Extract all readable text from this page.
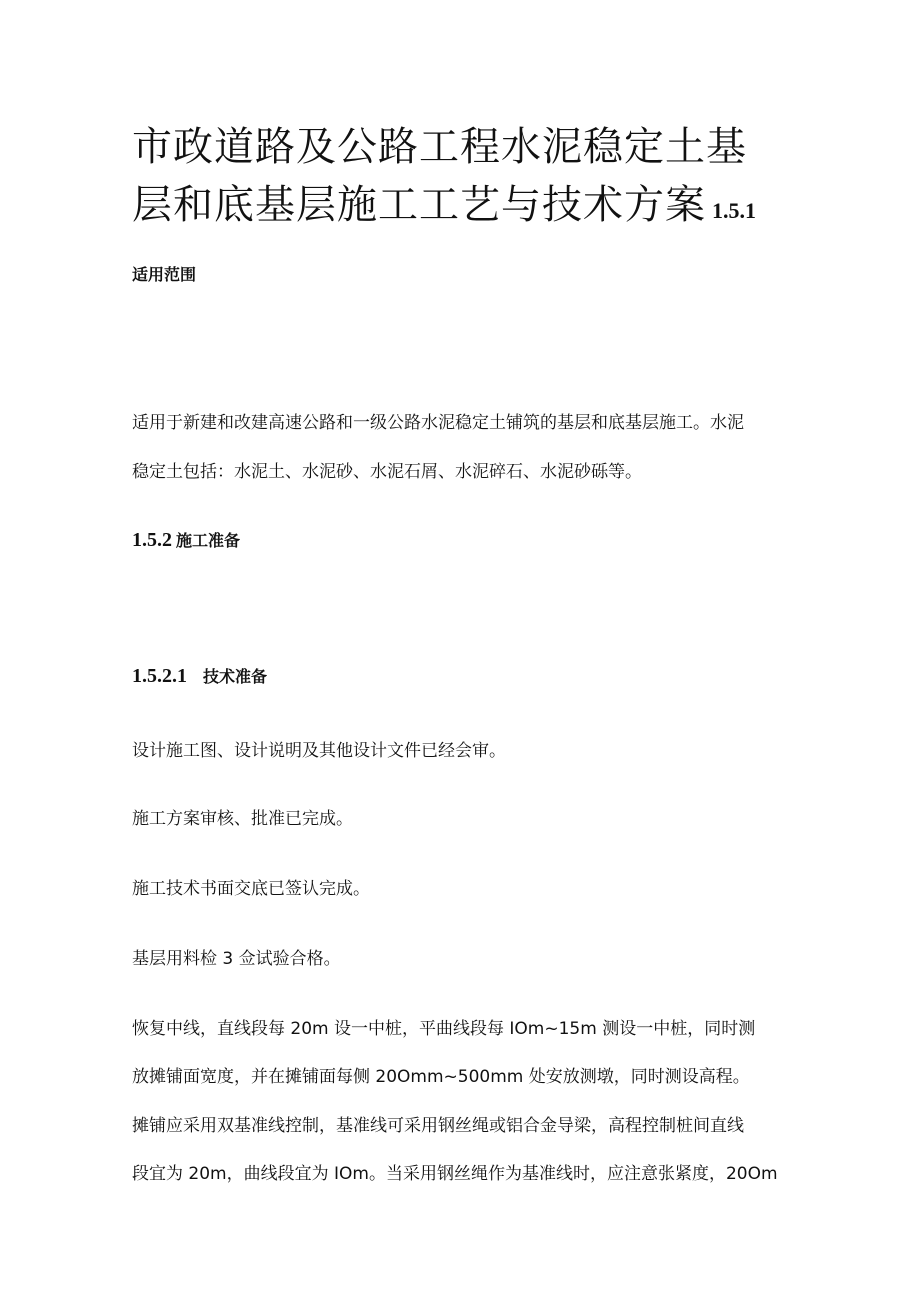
市政道路及公路工程水泥稳定土基
层和底基层施工工艺与技术方案 1.5.1

适用范围

适用于新建和改建高速公路和一级公路水泥稳定土铺筑的基层和底基层施工。水泥

稳定土包括：水泥土、水泥砂、水泥石屑、水泥碎石、水泥砂砾等。

1.5.2 施工准备

1.5.2.1 技术准备

设计施工图、设计说明及其他设计文件已经会审。

施工方案审核、批准已完成。

施工技术书面交底已签认完成。

基层用料检 3 佥试验合格。

恢复中线，直线段每 20m 设一中桩，平曲线段每 IOm~15m 测设一中桩，同时测

放摊铺面宽度，并在摊铺面每侧 20Omm~500mm 处安放测墩，同时测设高程。

摊铺应采用双基准线控制，基准线可采用钢丝绳或铝合金导梁，高程控制桩间直线

段宜为 20m，曲线段宜为 IOm。当采用钢丝绳作为基准线时，应注意张紧度，20Om
